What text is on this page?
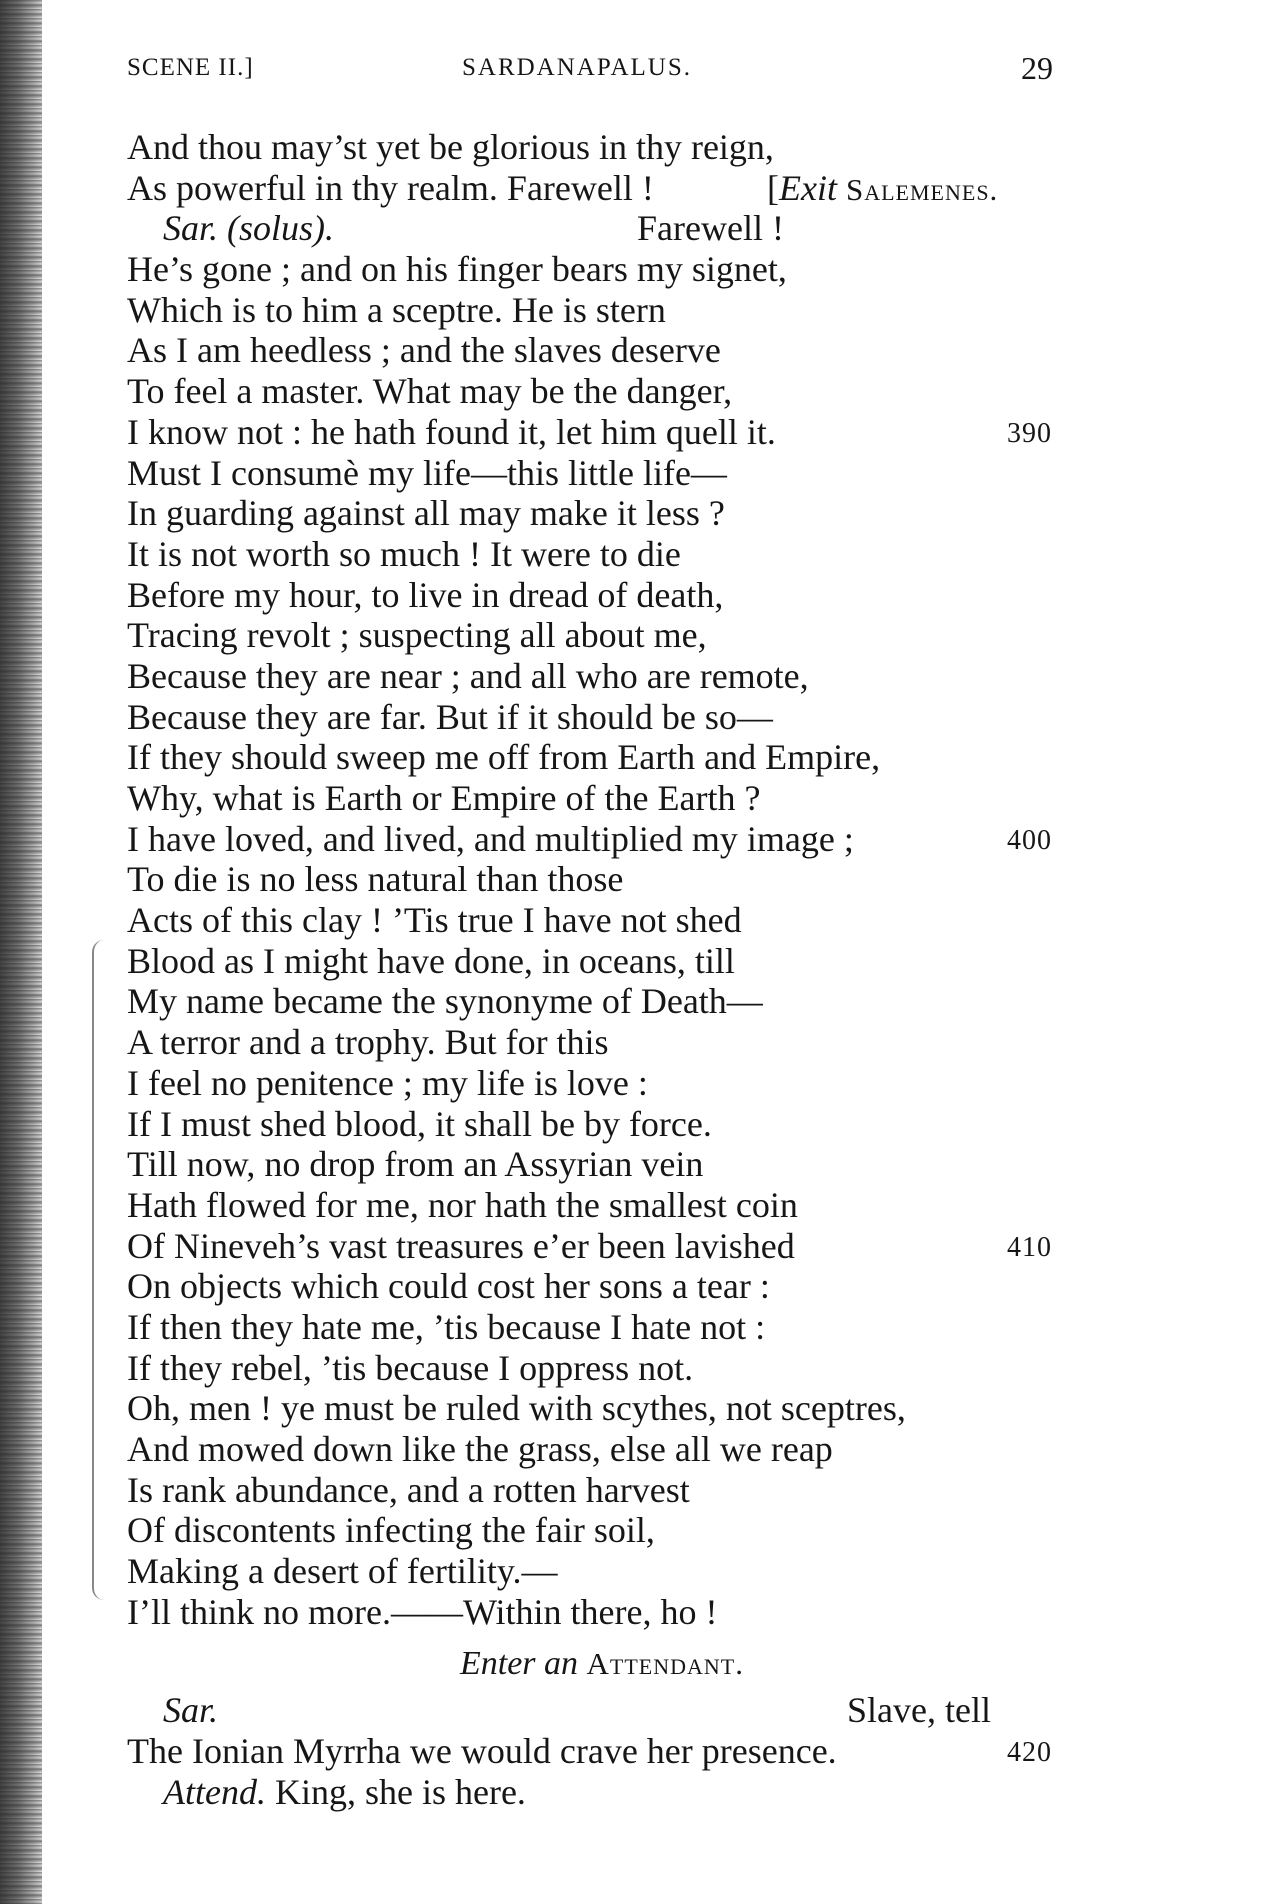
SCENE II.]	SARDANAPALUS.	29
And thou may’st yet be glorious in thy reign,
As powerful in thy realm. Farewell !	[Exit Salemenes.
Sar. (solus).	Farewell !
He’s gone ; and on his finger bears my signet,
Which is to him a sceptre. He is stern
As I am heedless ; and the slaves deserve
To feel a master. What may be the danger,
I know not : he hath found it, let him quell it.	390
Must I consumè my life—this little life—
In guarding against all may make it less ?
It is not worth so much ! It were to die
Before my hour, to live in dread of death,
Tracing revolt ; suspecting all about me,
Because they are near ; and all who are remote,
Because they are far. But if it should be so—
If they should sweep me off from Earth and Empire,
Why, what is Earth or Empire of the Earth ?
I have loved, and lived, and multiplied my image ;	400
To die is no less natural than those
Acts of this clay ! ’Tis true I have not shed
Blood as I might have done, in oceans, till
My name became the synonyme of Death—
A terror and a trophy. But for this
I feel no penitence ; my life is love :
If I must shed blood, it shall be by force.
Till now, no drop from an Assyrian vein
Hath flowed for me, nor hath the smallest coin
Of Nineveh’s vast treasures e’er been lavished	410
On objects which could cost her sons a tear :
If then they hate me, ’tis because I hate not :
If they rebel, ’tis because I oppress not.
Oh, men ! ye must be ruled with scythes, not sceptres,
And mowed down like the grass, else all we reap
Is rank abundance, and a rotten harvest
Of discontents infecting the fair soil,
Making a desert of fertility.—
I’ll think no more.——Within there, ho !
Enter an Attendant.
Sar.	Slave, tell
The Ionian Myrrha we would crave her presence.	420
Attend. King, she is here.
